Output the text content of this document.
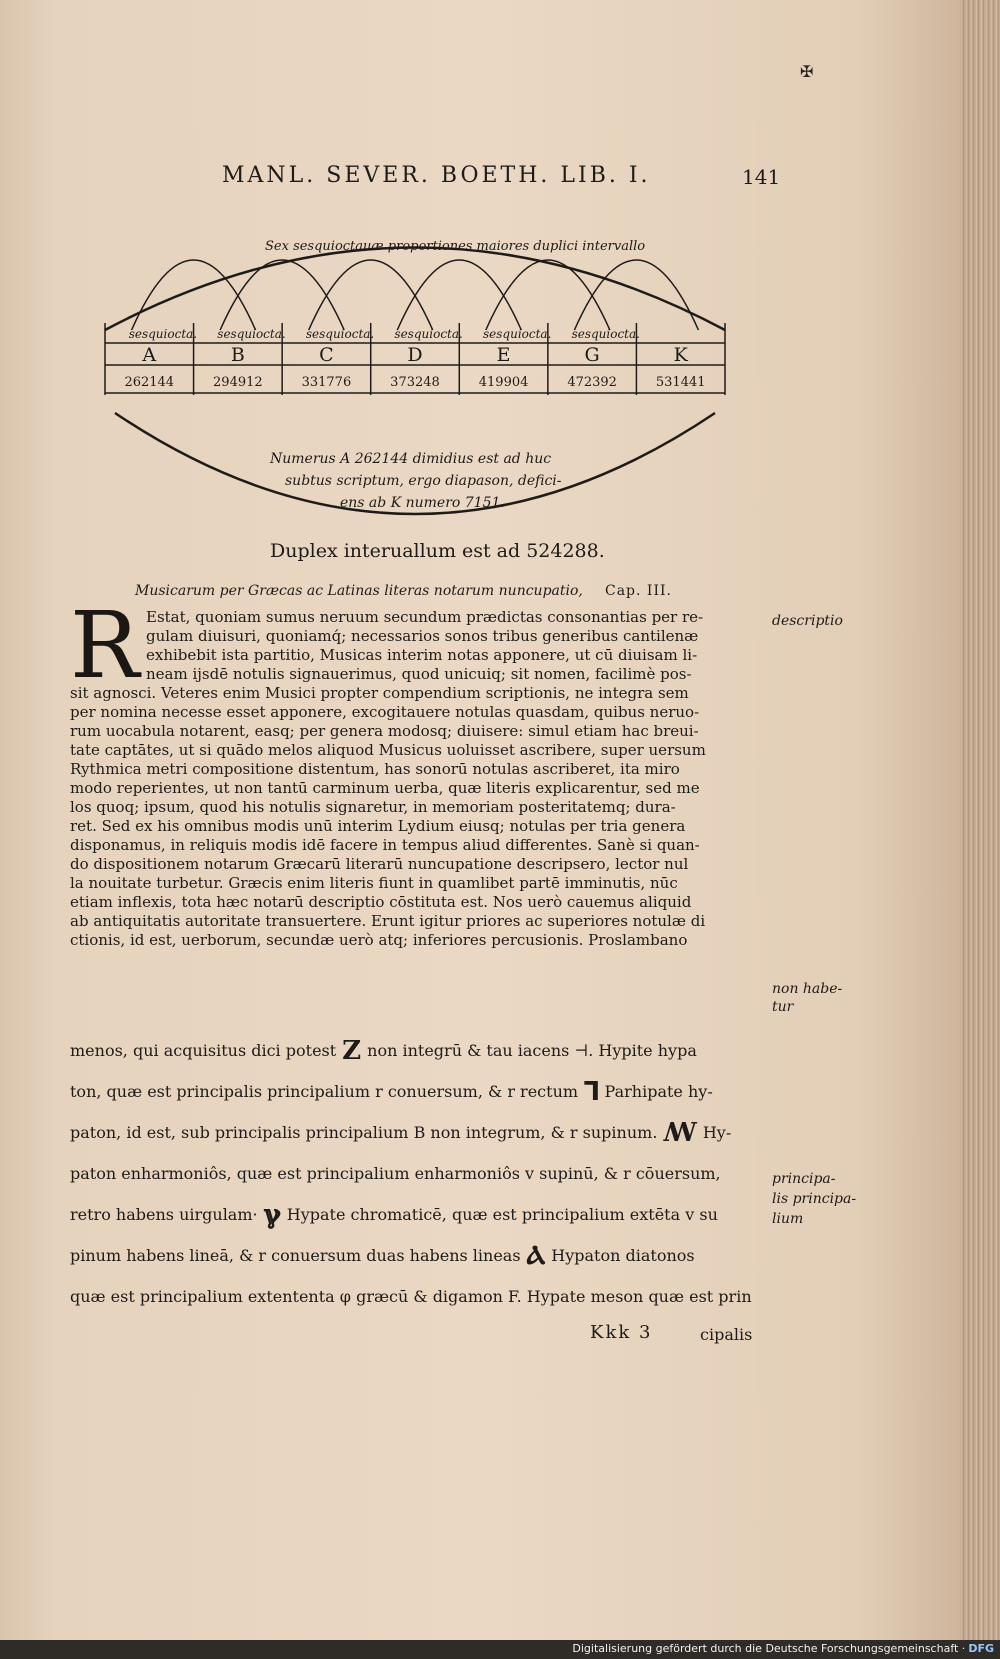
✠
MANL. SEVER. BOETH. LIB. I.	141
Sex sesquioctauæ proportiones maiores duplici intervallo
sesquiocta. sesquiocta. sesquiocta. sesquiocta. sesquiocta. sesquiocta.
A	B	C	D	E	G	K
262144	294912	331776	373248	419904	472392	531441
Numerus A 262144 dimidius est ad huc
subtus scriptum, ergo diapason, defici-
ens ab K numero 7151.
Duplex interuallum est ad 524288.
Musicarum per Græcas ac Latinas literas notarum nuncupatio, Cap. III.
R Estat, quoniam sumus neruum secundum prædictas consonantias per re-
gulam diuisuri, quoniamq́; necessarios sonos tribus generibus cantilenæ
exhibebit ista partitio, Musicas interim notas apponere, ut cū diuisam li-
neam ijsdē notulis signauerimus, quod unicuiq; sit nomen, facilimè pos-
sit agnosci. Veteres enim Musici propter compendium scriptionis, ne integra sem
per nomina necesse esset apponere, excogitauere notulas quasdam, quibus neruo-
rum uocabula notarent, easq; per genera modosq; diuisere: simul etiam hac breui-
tate captātes, ut si quādo melos aliquod Musicus uoluisset ascribere, super uersum
Rythmica metri compositione distentum, has sonorū notulas ascriberet, ita miro
modo reperientes, ut non tantū carminum uerba, quæ literis explicarentur, sed me
los quoq; ipsum, quod his notulis signaretur, in memoriam posteritatemq; dura-
ret. Sed ex his omnibus modis unū interim Lydium eiusq; notulas per tria genera
disponamus, in reliquis modis idē facere in tempus aliud differentes. Sanè si quan-
do dispositionem notarum Græcarū literarū nuncupatione descripsero, lector nul
la nouitate turbetur. Græcis enim literis fiunt in quamlibet partē imminutis, nūc
etiam inflexis, tota hæc notarū descriptio cōstituta est. Nos uerò cauemus aliquid
ab antiquitatis autoritate transuertere. Erunt igitur priores ac superiores notulæ di
ctionis, id est, uerborum, secundæ uerò atq; inferiores percusionis. Proslambano
menos, qui acquisitus dici potest Z non integrū & tau iacens ⊣. Hypite hypa
ton, quæ est principalis principalium r conuersum, & r rectum ⅂ Parhipate hy-
paton, id est, sub principalis principalium B non integrum, & r supinum. ꟿ Hy-
paton enharmoniôs, quæ est principalium enharmoniôs v supinū, & r cōuersum,
retro habens uirgulam· ℽ Hypate chromaticē, quæ est principalium extēta v su
pinum habens lineā, & r conuersum duas habens lineas Ⲁ Hypaton diatonos
quæ est principalium extententa φ græcū & digamon F. Hypate meson quæ est prin
descriptio
non habe-
tur
principa-
lis principa-
lium
Kkk 3	cipalis
Digitalisierung gefördert durch die Deutsche Forschungsgemeinschaft · DFG
